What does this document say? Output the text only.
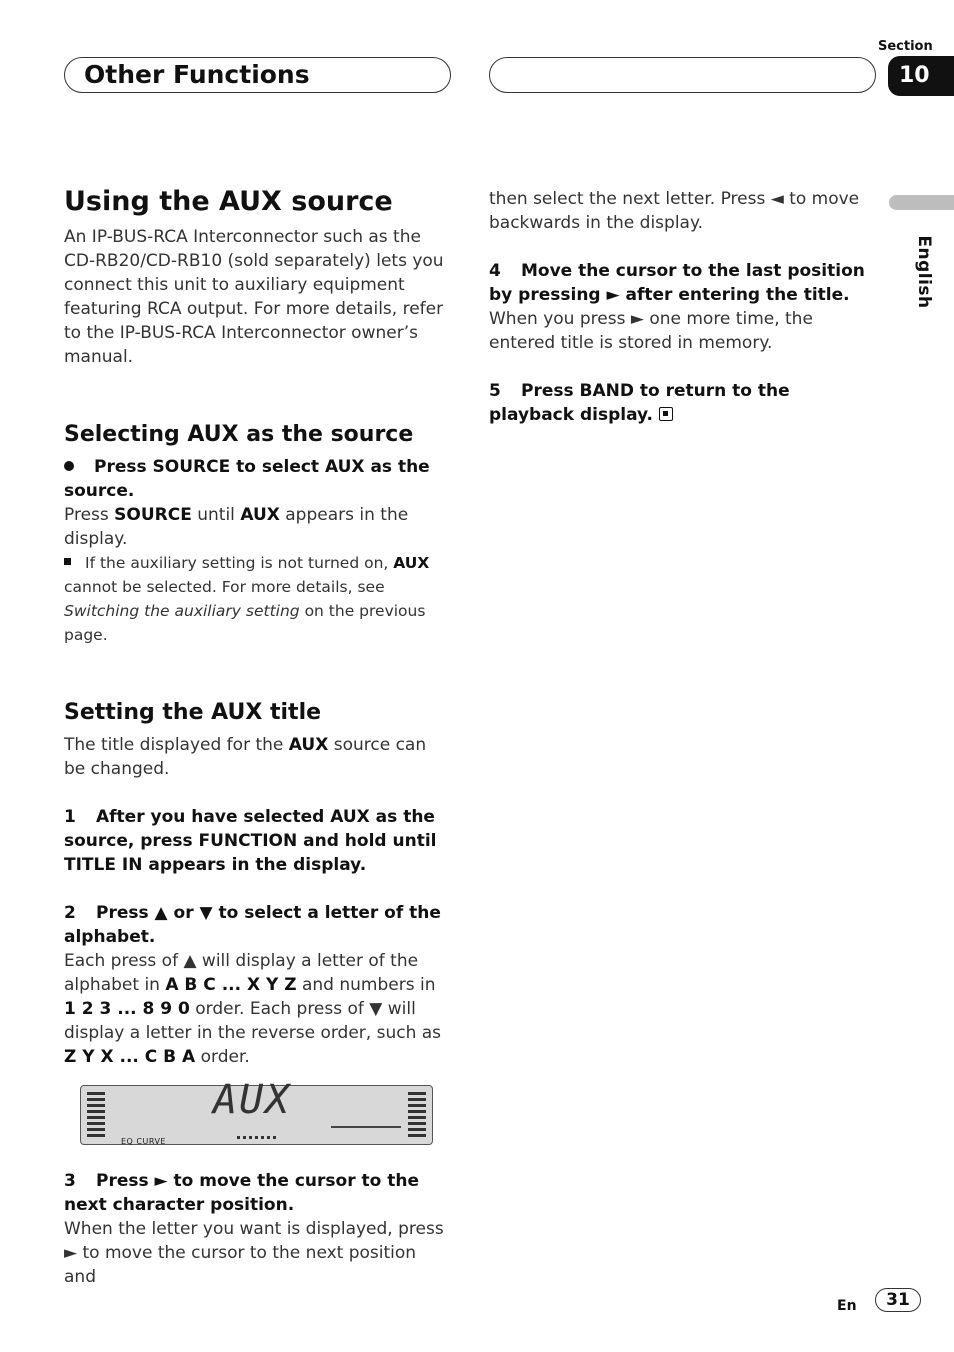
Other Functions
Section
10
English
Using the AUX source

An IP-BUS-RCA Interconnector such as the CD-RB20/CD-RB10 (sold separately) lets you connect this unit to auxiliary equipment featuring RCA output. For more details, refer to the IP-BUS-RCA Interconnector owner’s manual.

Selecting AUX as the source

Press SOURCE to select AUX as the source.

Press SOURCE until AUX appears in the display.

If the auxiliary setting is not turned on, AUX cannot be selected. For more details, see Switching the auxiliary setting on the previous page.

Setting the AUX title

The title displayed for the AUX source can be changed.

1 After you have selected AUX as the source, press FUNCTION and hold until TITLE IN appears in the display.

2 Press ▲ or ▼ to select a letter of the alphabet.

Each press of ▲ will display a letter of the alphabet in A B C ... X Y Z and numbers in 1 2 3 ... 8 9 0 order. Each press of ▼ will display a letter in the reverse order, such as Z Y X ... C B A order.

AUX
EQ CURVE

3 Press ► to move the cursor to the next character position.

When the letter you want is displayed, press ► to move the cursor to the next position and

then select the next letter. Press ◄ to move backwards in the display.

4 Move the cursor to the last position by pressing ► after entering the title.

When you press ► one more time, the entered title is stored in memory.

5 Press BAND to return to the playback display.

En	31
